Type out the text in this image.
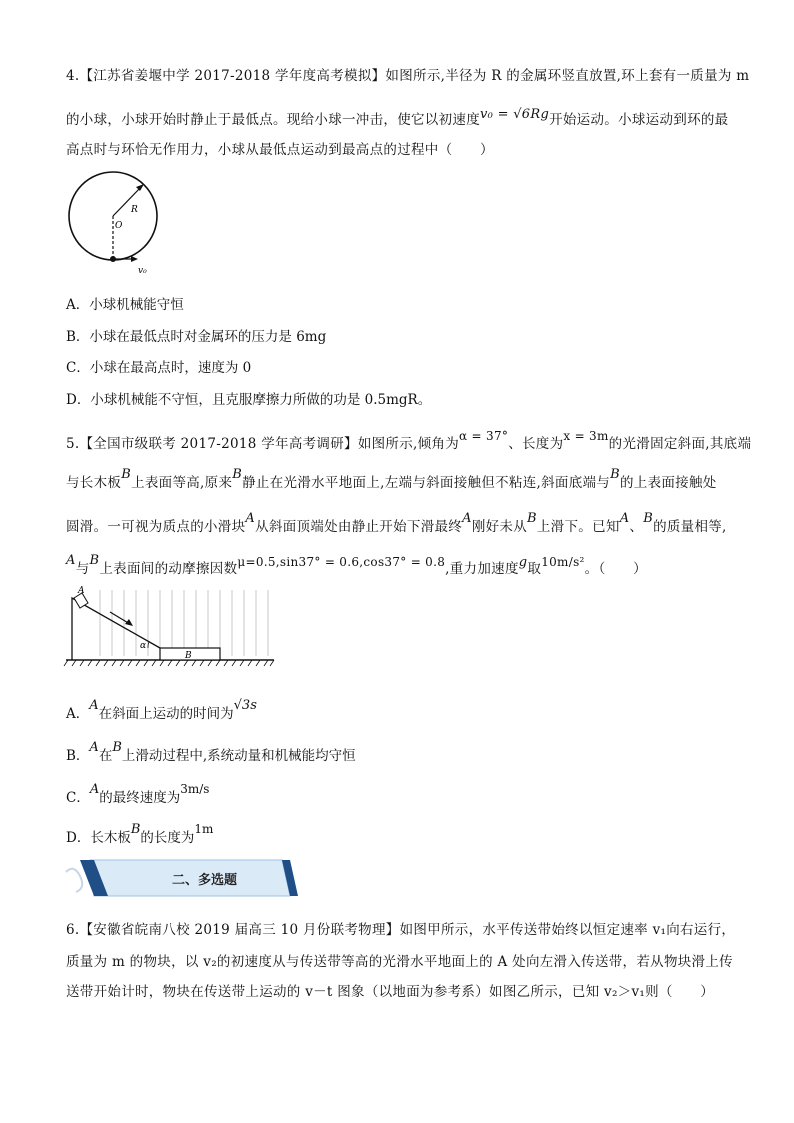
4.【江苏省姜堰中学 2017-2018 学年度高考模拟】如图所示,半径为 R 的金属环竖直放置,环上套有一质量为 m
的小球，小球开始时静止于最低点。现给小球一冲击，使它以初速度v₀ = √6Rg开始运动。小球运动到环的最
高点时与环恰无作用力，小球从最低点运动到最高点的过程中（　　）
R
O
v₀
A．小球机械能守恒
B．小球在最低点时对金属环的压力是 6mg
C．小球在最高点时，速度为 0
D．小球机械能不守恒，且克服摩擦力所做的功是 0.5mgR。
5.【全国市级联考 2017-2018 学年高考调研】如图所示,倾角为α = 37°、长度为x = 3m的光滑固定斜面,其底端
与长木板B上表面等高,原来B静止在光滑水平地面上,左端与斜面接触但不粘连,斜面底端与B的上表面接触处
圆滑。一可视为质点的小滑块A从斜面顶端处由静止开始下滑最终A刚好未从B上滑下。已知A、B的质量相等,
A与B上表面间的动摩擦因数μ=0.5,sin37° = 0.6,cos37° = 0.8,重力加速度g取10m/s²。（　　）
A
B
α
A．A在斜面上运动的时间为√3s
B．A在B上滑动过程中,系统动量和机械能均守恒
C．A的最终速度为3m/s
D．长木板B的长度为1m
二、多选题
6.【安徽省皖南八校 2019 届高三 10 月份联考物理】如图甲所示，水平传送带始终以恒定速率 v₁向右运行，
质量为 m 的物块，以 v₂的初速度从与传送带等高的光滑水平地面上的 A 处向左滑入传送带，若从物块滑上传
送带开始计时，物块在传送带上运动的 v－t 图象（以地面为参考系）如图乙所示，已知 v₂＞v₁则（　　）
